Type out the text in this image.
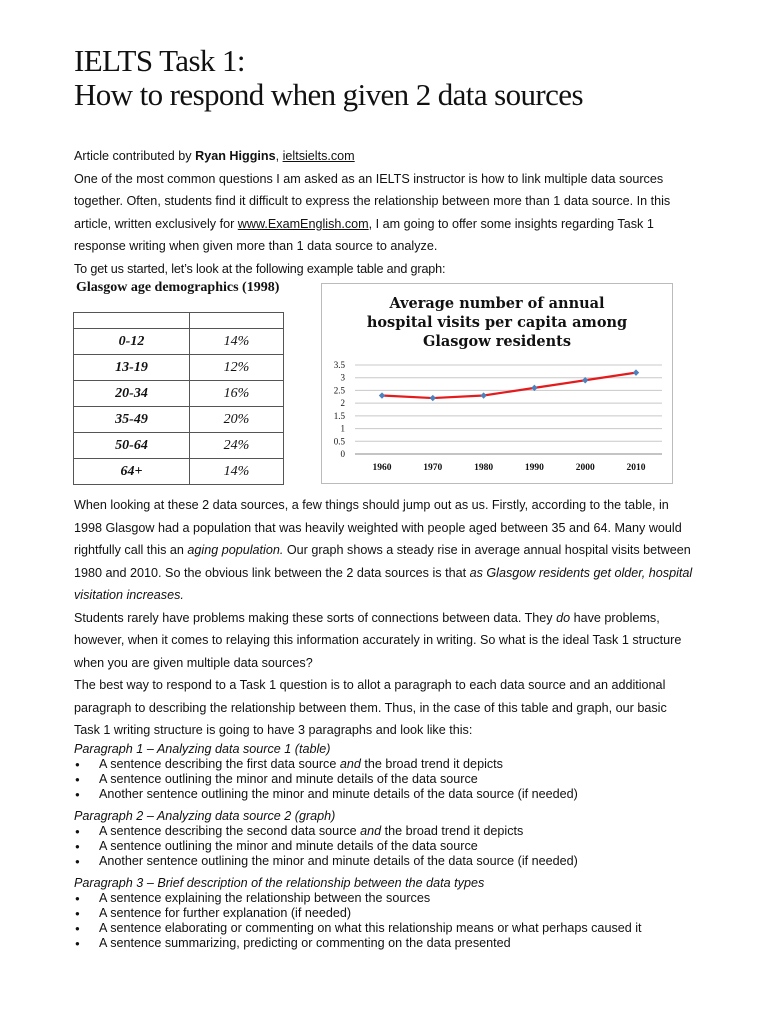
IELTS Task 1:
How to respond when given 2 data sources

Article contributed by Ryan Higgins, ieltsielts.com

One of the most common questions I am asked as an IELTS instructor is how to link multiple data sources together. Often, students find it difficult to express the relationship between more than 1 data source. In this article, written exclusively for www.ExamEnglish.com, I am going to offer some insights regarding Task 1 response writing when given more than 1 data source to analyze.

To get us started, let’s look at the following example table and graph:

Glasgow age demographics (1998)

0-12	14%
13-19	12%
20-34	16%
35-49	20%
50-64	24%
64+	14%
Average number of annual
hospital visits per capita among
Glasgow residents
0
0.5
1
1.5
2
2.5
3
3.5
1960	1970	1980	1990	2000	2010

When looking at these 2 data sources, a few things should jump out as us. Firstly, according to the table, in 1998 Glasgow had a population that was heavily weighted with people aged between 35 and 64. Many would rightfully call this an aging population. Our graph shows a steady rise in average annual hospital visits between 1980 and 2010. So the obvious link between the 2 data sources is that as Glasgow residents get older, hospital visitation increases.

Students rarely have problems making these sorts of connections between data. They do have problems, however, when it comes to relaying this information accurately in writing. So what is the ideal Task 1 structure when you are given multiple data sources?

The best way to respond to a Task 1 question is to allot a paragraph to each data source and an additional paragraph to describing the relationship between them. Thus, in the case of this table and graph, our basic Task 1 writing structure is going to have 3 paragraphs and look like this:

Paragraph 1 – Analyzing data source 1 (table)
● A sentence describing the first data source and the broad trend it depicts
● A sentence outlining the minor and minute details of the data source
● Another sentence outlining the minor and minute details of the data source (if needed)
Paragraph 2 – Analyzing data source 2 (graph)
● A sentence describing the second data source and the broad trend it depicts
● A sentence outlining the minor and minute details of the data source
● Another sentence outlining the minor and minute details of the data source (if needed)
Paragraph 3 – Brief description of the relationship between the data types
● A sentence explaining the relationship between the sources
● A sentence for further explanation (if needed)
● A sentence elaborating or commenting on what this relationship means or what perhaps caused it
● A sentence summarizing, predicting or commenting on the data presented
